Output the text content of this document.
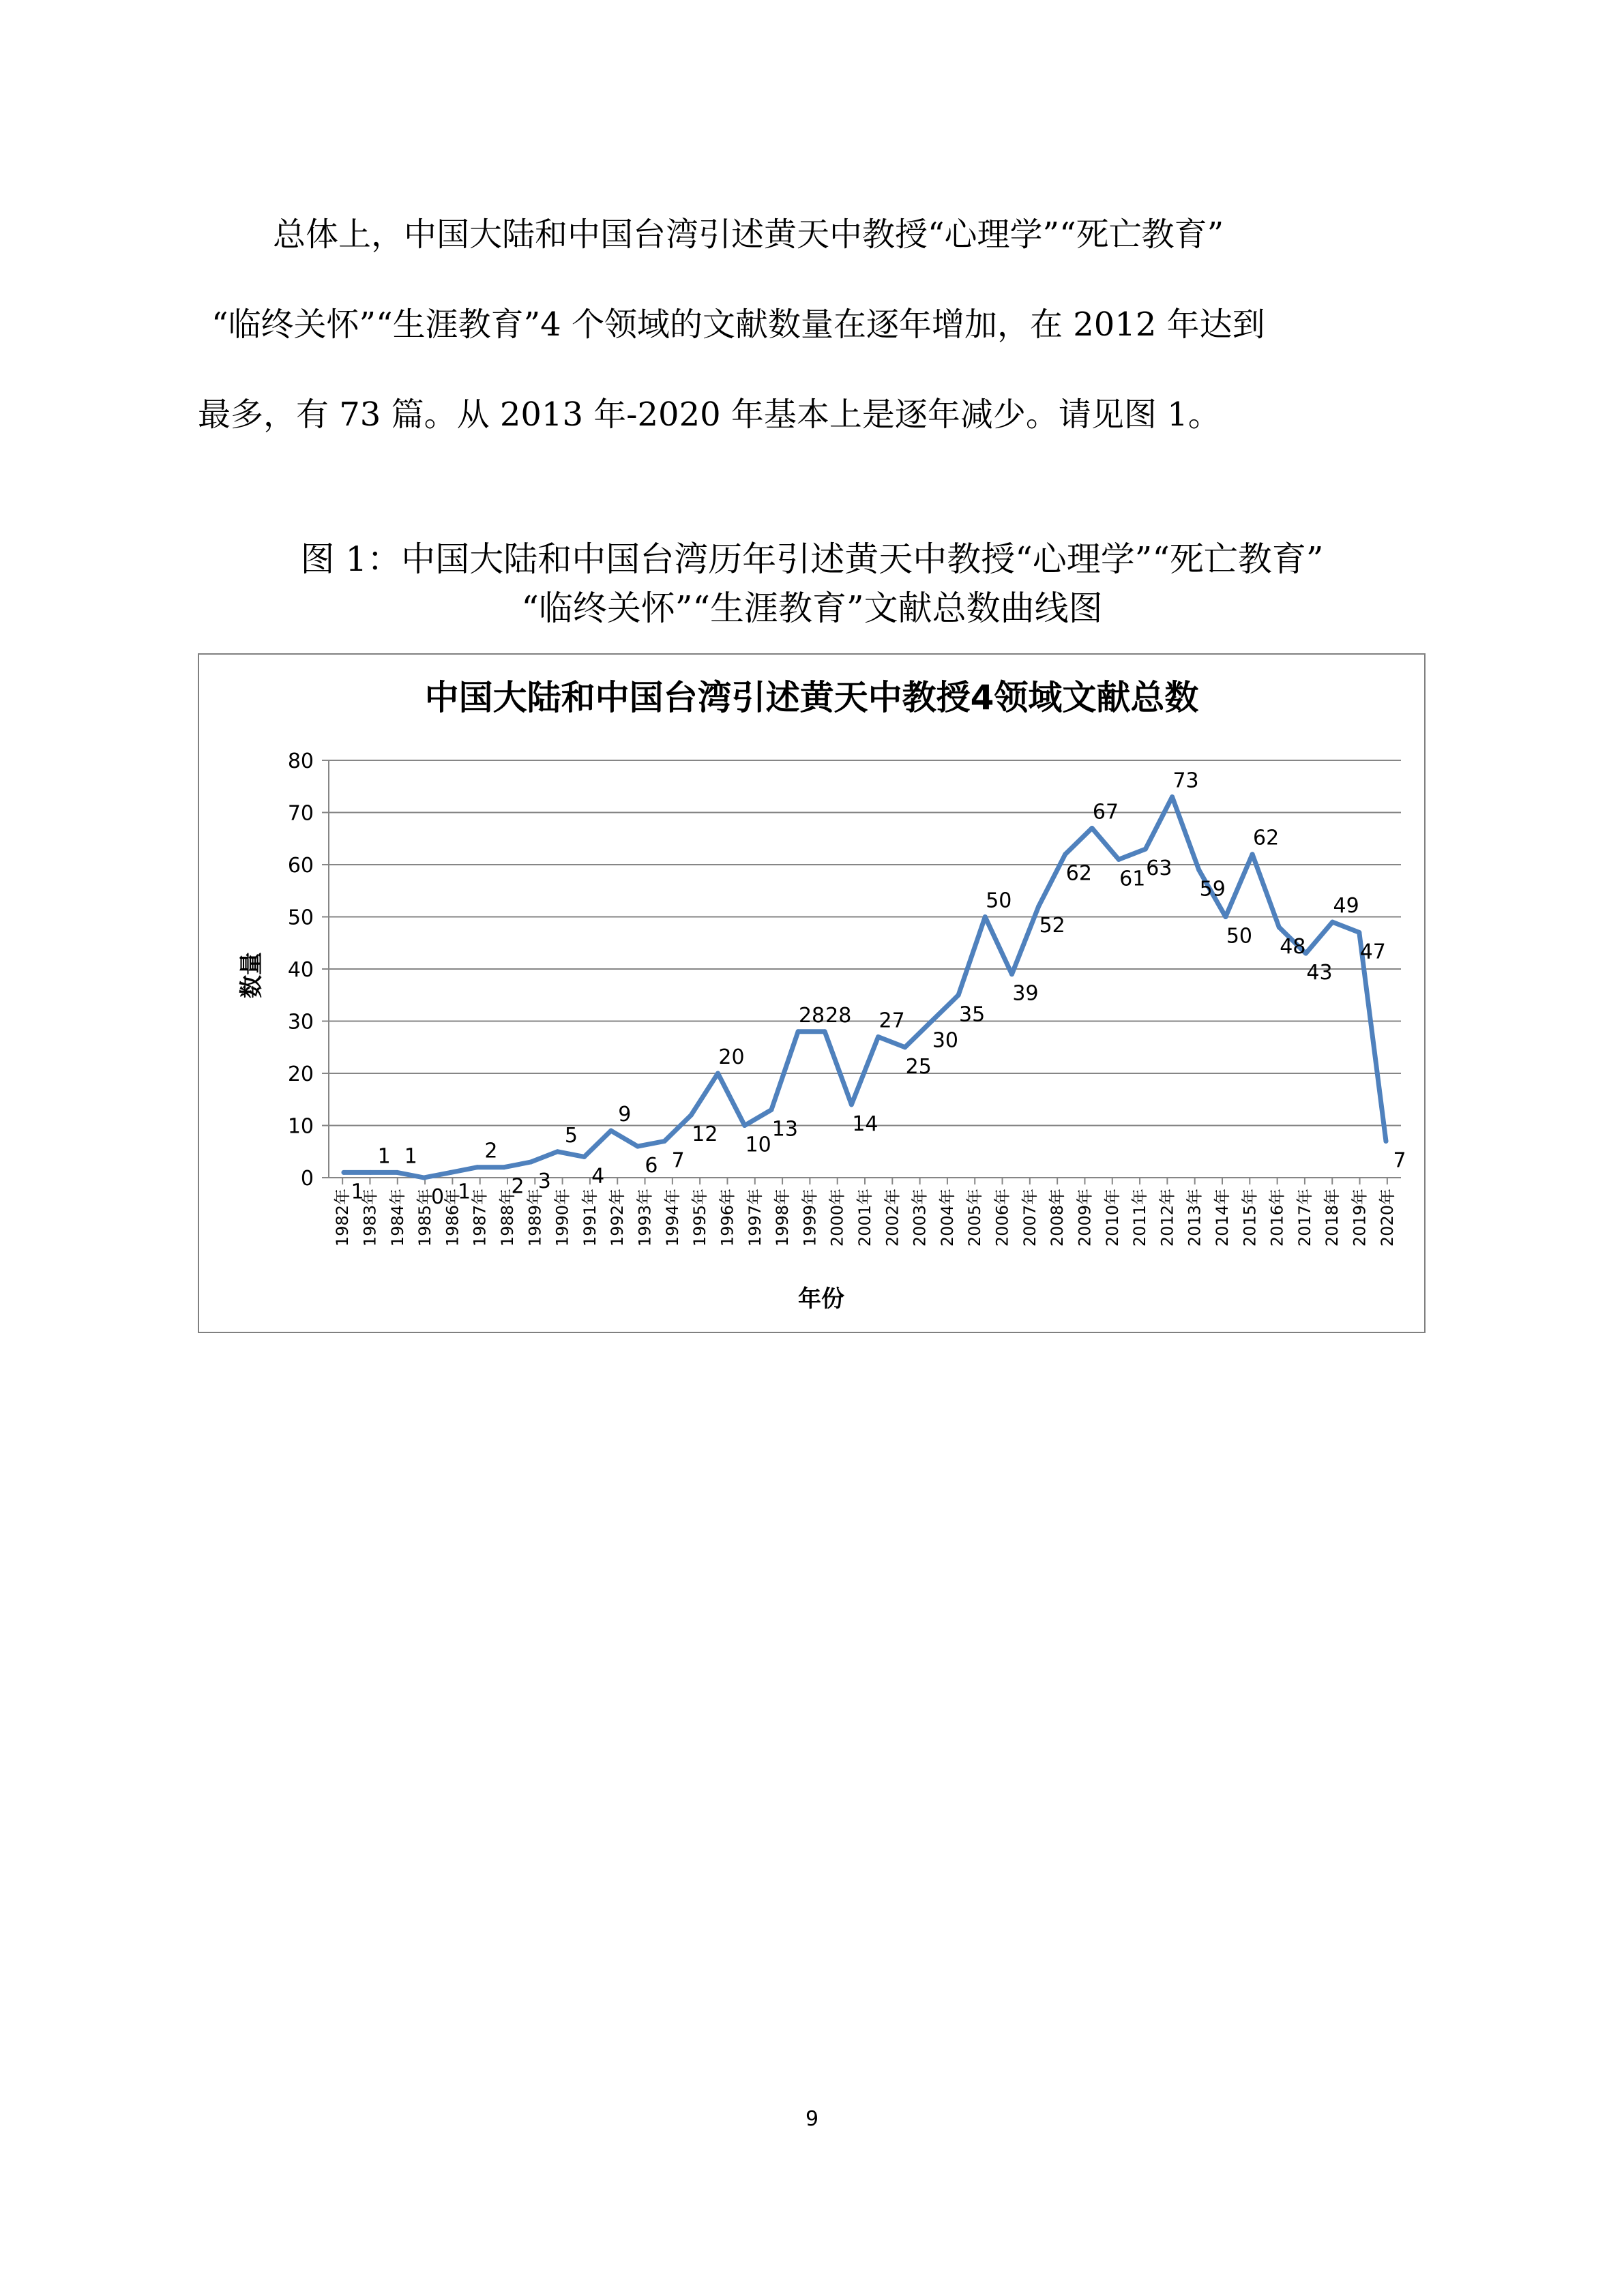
总体上，中国大陆和中国台湾引述黄天中教授“心理学”“死亡教育”
“临终关怀”“生涯教育”4 个领域的文献数量在逐年增加，在 2012 年达到
最多，有 73 篇。从 2013 年-2020 年基本上是逐年减少。请见图 1。

图 1：中国大陆和中国台湾历年引述黄天中教授“心理学”“死亡教育”
“临终关怀”“生涯教育”文献总数曲线图
中国大陆和中国台湾引述黄天中教授4领域文献总数
0
10
20
30
40
50
60
70
80
1982年 1983年 1984年 1985年 1986年 1987年 1988年 1989年 1990年 1991年 1992年 1993年 1994年 1995年 1996年 1997年 1998年 1999年 2000年 2001年 2002年 2003年 2004年 2005年 2006年 2007年 2008年 2009年 2010年 2011年 2012年 2013年 2014年 2015年 2016年 2017年 2018年 2019年 2020年
1
1 1
0 1
2
2 3
5
4
9
6 7
12
20
10
13
28 28
14
27
25
30
35
50
39
52
62
67
61 63
73
59
50
62
48
43
49
47
7
数量
年份
9
